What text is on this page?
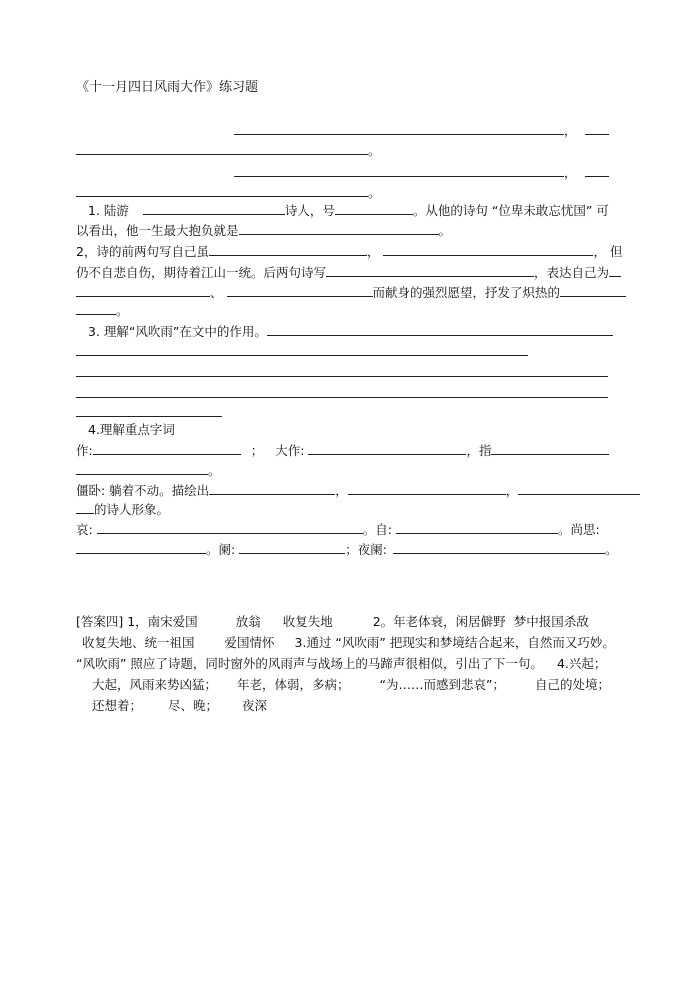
《十一月四日风雨大作》练习题
，
。
，
。
1. 陆游	诗人，号	。从他的诗句 “位卑未敢忘忧国” 可
以看出，他一生最大抱负就是	。
2，诗的前两句写自己虽	，	， 但
仍不自悲自伤，期待着江山一统。后两句诗写	，表达自己为
、	而献身的强烈愿望，抒发了炽热的
。
3. 理解“风吹雨”在文中的作用。
4.理解重点字词
作:	； 大作:	，指
。
僵卧: 躺着不动。描绘出	，	，
的诗人形象。
哀:	。自:	。尚思:
。阑:	；夜阑:	。
[答案四] 1，南宋爱国	放翁 收复失地	2。年老体衰，闲居僻野 梦中报国杀敌
收复失地、统一祖国 爱国情怀 3.通过 “风吹雨” 把现实和梦境结合起来，自然而又巧妙。
“风吹雨” 照应了诗题，同时窗外的风雨声与战场上的马蹄声很相似，引出了下一句。 4.兴起；
大起，风雨来势凶猛； 年老，体弱，多病； “为……而感到悲哀”； 自己的处境；
还想着； 尽、晚； 夜深
